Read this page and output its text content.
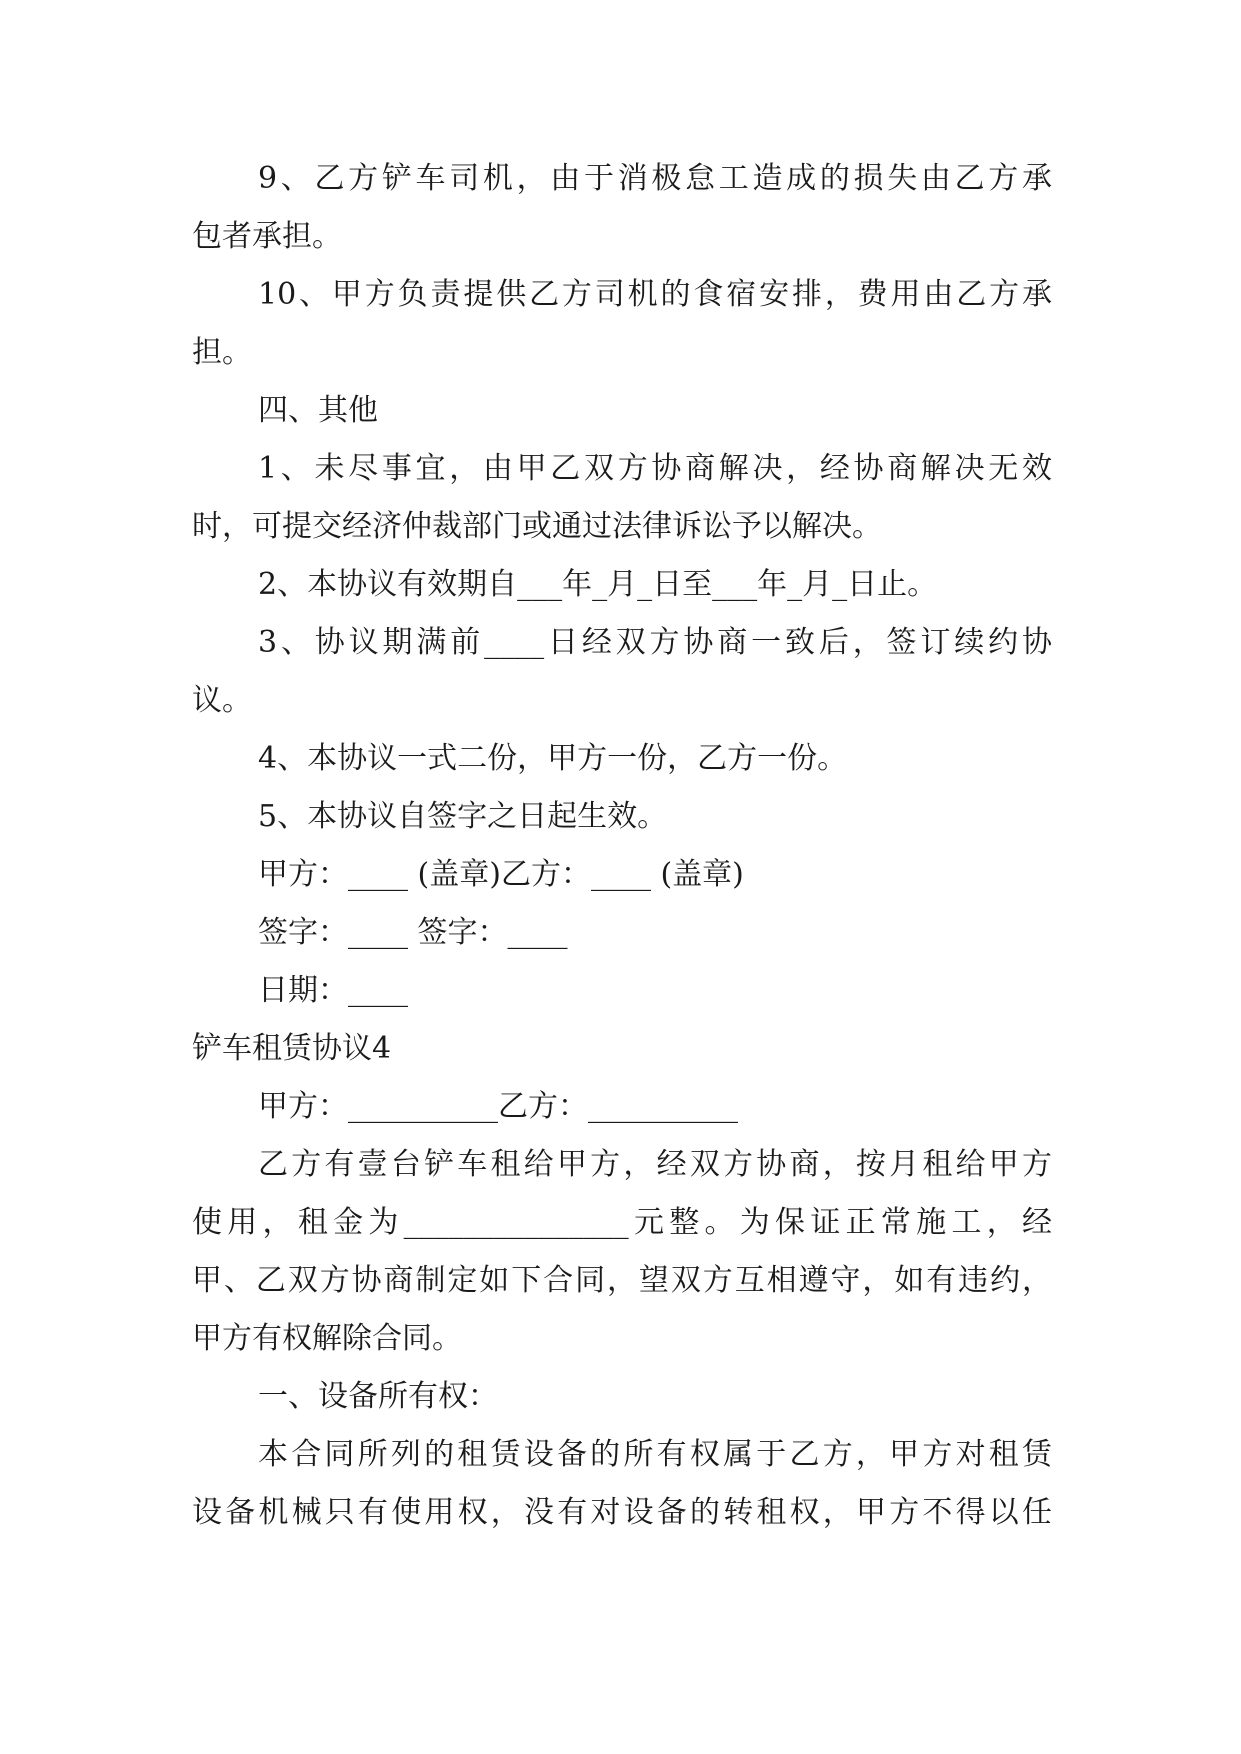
9、乙方铲车司机，由于消极怠工造成的损失由乙方承
包者承担。
10、甲方负责提供乙方司机的食宿安排，费用由乙方承
担。
四、其他
1、未尽事宜，由甲乙双方协商解决，经协商解决无效
时，可提交经济仲裁部门或通过法律诉讼予以解决。
2、本协议有效期自___年_月_日至___年_月_日止。
3、协议期满前____日经双方协商一致后，签订续约协
议。
4、本协议一式二份，甲方一份，乙方一份。
5、本协议自签字之日起生效。
甲方：____ (盖章)乙方：____ (盖章)
签字：____ 签字：____
日期：____
铲车租赁协议4
甲方：__________乙方：__________
乙方有壹台铲车租给甲方，经双方协商，按月租给甲方
使用，租金为_______________元整。为保证正常施工，经
甲、乙双方协商制定如下合同，望双方互相遵守，如有违约，
甲方有权解除合同。
一、设备所有权：
本合同所列的租赁设备的所有权属于乙方，甲方对租赁
设备机械只有使用权，没有对设备的转租权，甲方不得以任
